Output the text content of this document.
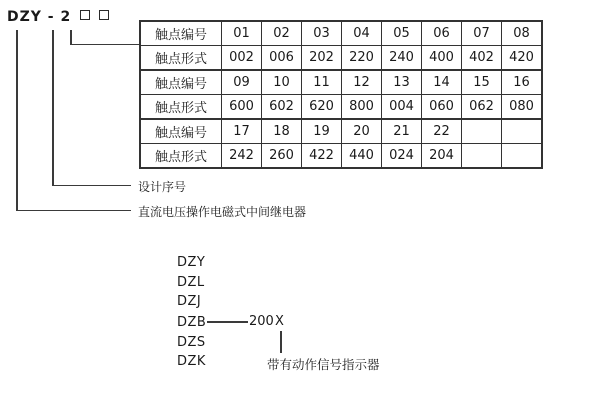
DZY - 2
触点编号	01	02	03	04	05	06	07	08
触点形式	002	006	202	220	240	400	402	420
触点编号	09	10	11	12	13	14	15	16
触点形式	600	602	620	800	004	060	062	080
触点编号	17	18	19	20	21	22		
触点形式	242	260	422	440	024	204		
设计序号
直流电压操作电磁式中间继电器
DZY
DZL
DZJ
DZB
DZS
DZK
200 X
带有动作信号指示器
